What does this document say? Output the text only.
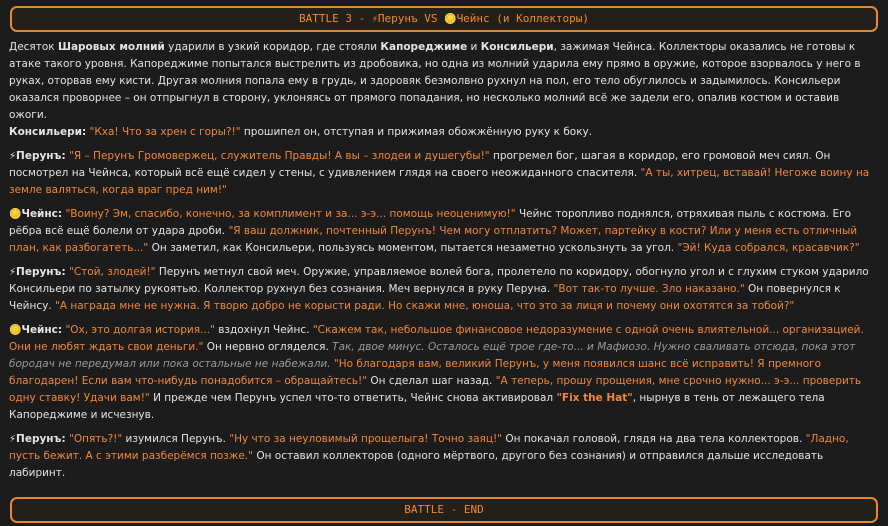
BATTLE 3 - ⚡Перунъ VS 🪙Чейнс (и Коллекторы)

Десяток Шаровых молний ударили в узкий коридор, где стояли Капореджиме и Консильери, зажимая Чейнса. Коллекторы оказались не готовы к атаке такого уровня. Капореджиме попытался выстрелить из дробовика, но одна из молний ударила ему прямо в оружие, которое взорвалось у него в руках, оторвав ему кисти. Другая молния попала ему в грудь, и здоровяк безмолвно рухнул на пол, его тело обуглилось и задымилось. Консильери оказался проворнее – он отпрыгнул в сторону, уклоняясь от прямого попадания, но несколько молний всё же задели его, опалив костюм и оставив ожоги.

Консильери: "Кха! Что за хрен с горы?!" прошипел он, отступая и прижимая обожжённую руку к боку.

⚡Перунъ: "Я – Перунъ Громовержец, служитель Правды! А вы – злодеи и душегубы!" прогремел бог, шагая в коридор, его громовой меч сиял. Он посмотрел на Чейнса, который всё ещё сидел у стены, с удивлением глядя на своего неожиданного спасителя. "А ты, хитрец, вставай! Негоже воину на земле валяться, когда враг пред ним!"

🪙Чейнс: "Воину? Эм, спасибо, конечно, за комплимент и за... э-э... помощь неоценимую!" Чейнс торопливо поднялся, отряхивая пыль с костюма. Его рёбра всё ещё болели от удара дроби. "Я ваш должник, почтенный Перунъ! Чем могу отплатить? Может, партейку в кости? Или у меня есть отличный план, как разбогатеть..." Он заметил, как Консильери, пользуясь моментом, пытается незаметно ускользнуть за угол. "Эй! Куда собрался, красавчик?"

⚡Перунъ: "Стой, злодей!" Перунъ метнул свой меч. Оружие, управляемое волей бога, пролетело по коридору, обогнуло угол и с глухим стуком ударило Консильери по затылку рукоятью. Коллектор рухнул без сознания. Меч вернулся в руку Перуна. "Вот так-то лучше. Зло наказано." Он повернулся к Чейнсу. "А награда мне не нужна. Я творю добро не корысти ради. Но скажи мне, юноша, что это за лиця и почему они охотятся за тобой?"

🪙Чейнс: "Ох, это долгая история..." вздохнул Чейнс. "Скажем так, небольшое финансовое недоразумение с одной очень влиятельной... организацией. Они не любят ждать свои деньги." Он нервно огляделся. Так, двое минус. Осталось ещё трое где-то... и Мафиозо. Нужно сваливать отсюда, пока этот бородач не передумал или пока остальные не набежали. "Но благодаря вам, великий Перунъ, у меня появился шанс всё исправить! Я премного благодарен! Если вам что-нибудь понадобится – обращайтесь!" Он сделал шаг назад. "А теперь, прошу прощения, мне срочно нужно... э-э... проверить одну ставку! Удачи вам!" И прежде чем Перунъ успел что-то ответить, Чейнс снова активировал "Fix the Hat", нырнув в тень от лежащего тела Капореджиме и исчезнув.

⚡Перунъ: "Опять?!" изумился Перунъ. "Ну что за неуловимый прощелыга! Точно заяц!" Он покачал головой, глядя на два тела коллекторов. "Ладно, пусть бежит. А с этими разберёмся позже." Он оставил коллекторов (одного мёртвого, другого без сознания) и отправился дальше исследовать лабиринт.

BATTLE - END
